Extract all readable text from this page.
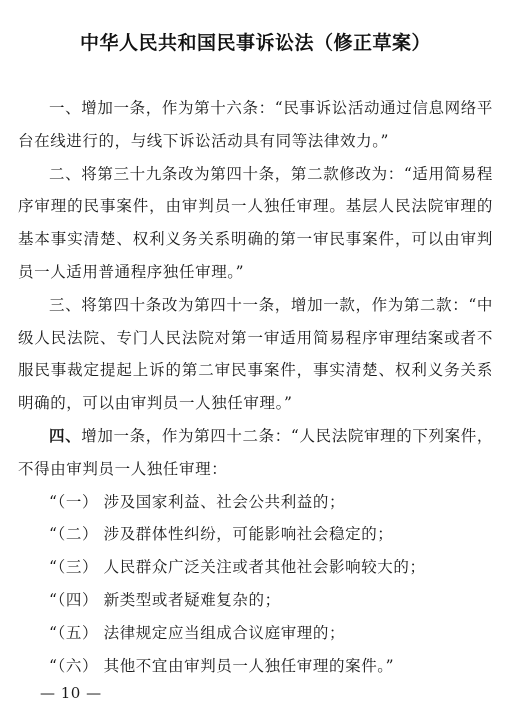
中华人民共和国民事诉讼法（修正草案）

一、增加一条，作为第十六条：“民事诉讼活动通过信息网络平台在线进行的，与线下诉讼活动具有同等法律效力。”

二、将第三十九条改为第四十条，第二款修改为：“适用简易程序审理的民事案件，由审判员一人独任审理。基层人民法院审理的基本事实清楚、权利义务关系明确的第一审民事案件，可以由审判员一人适用普通程序独任审理。”

三、将第四十条改为第四十一条，增加一款，作为第二款：“中级人民法院、专门人民法院对第一审适用简易程序审理结案或者不服民事裁定提起上诉的第二审民事案件，事实清楚、权利义务关系明确的，可以由审判员一人独任审理。”

四、增加一条，作为第四十二条：“人民法院审理的下列案件，不得由审判员一人独任审理：

“（一） 涉及国家利益、社会公共利益的；

“（二） 涉及群体性纠纷，可能影响社会稳定的；

“（三） 人民群众广泛关注或者其他社会影响较大的；

“（四） 新类型或者疑难复杂的；

“（五） 法律规定应当组成合议庭审理的；

“（六） 其他不宜由审判员一人独任审理的案件。”

— 10 —
